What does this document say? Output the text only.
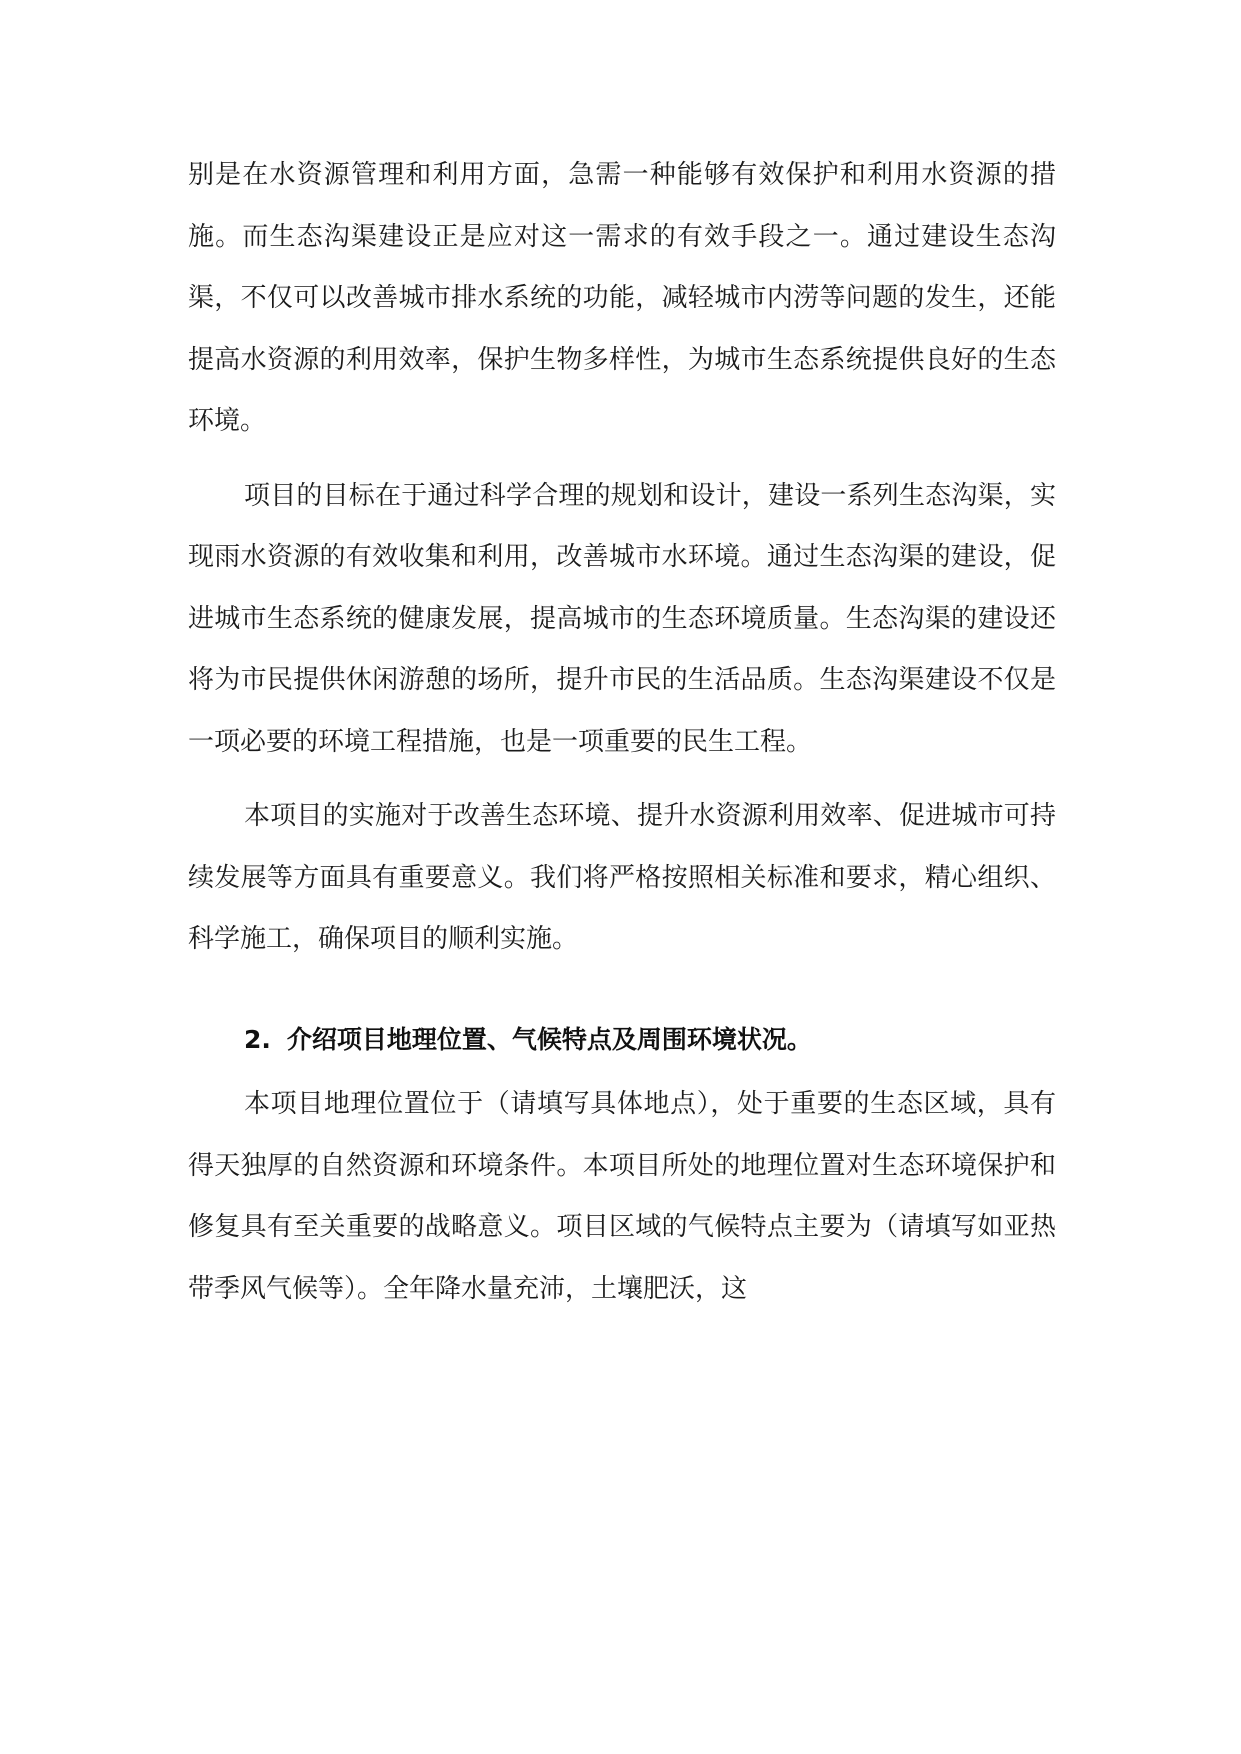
别是在水资源管理和利用方面，急需一种能够有效保护和利用水资源的措施。而生态沟渠建设正是应对这一需求的有效手段之一。通过建设生态沟渠，不仅可以改善城市排水系统的功能，减轻城市内涝等问题的发生，还能提高水资源的利用效率，保护生物多样性，为城市生态系统提供良好的生态环境。

项目的目标在于通过科学合理的规划和设计，建设一系列生态沟渠，实现雨水资源的有效收集和利用，改善城市水环境。通过生态沟渠的建设，促进城市生态系统的健康发展，提高城市的生态环境质量。生态沟渠的建设还将为市民提供休闲游憩的场所，提升市民的生活品质。生态沟渠建设不仅是一项必要的环境工程措施，也是一项重要的民生工程。

本项目的实施对于改善生态环境、提升水资源利用效率、促进城市可持续发展等方面具有重要意义。我们将严格按照相关标准和要求，精心组织、科学施工，确保项目的顺利实施。

2. 介绍项目地理位置、气候特点及周围环境状况。

本项目地理位置位于（请填写具体地点），处于重要的生态区域，具有得天独厚的自然资源和环境条件。本项目所处的地理位置对生态环境保护和修复具有至关重要的战略意义。项目区域的气候特点主要为（请填写如亚热带季风气候等）。全年降水量充沛，土壤肥沃，这
